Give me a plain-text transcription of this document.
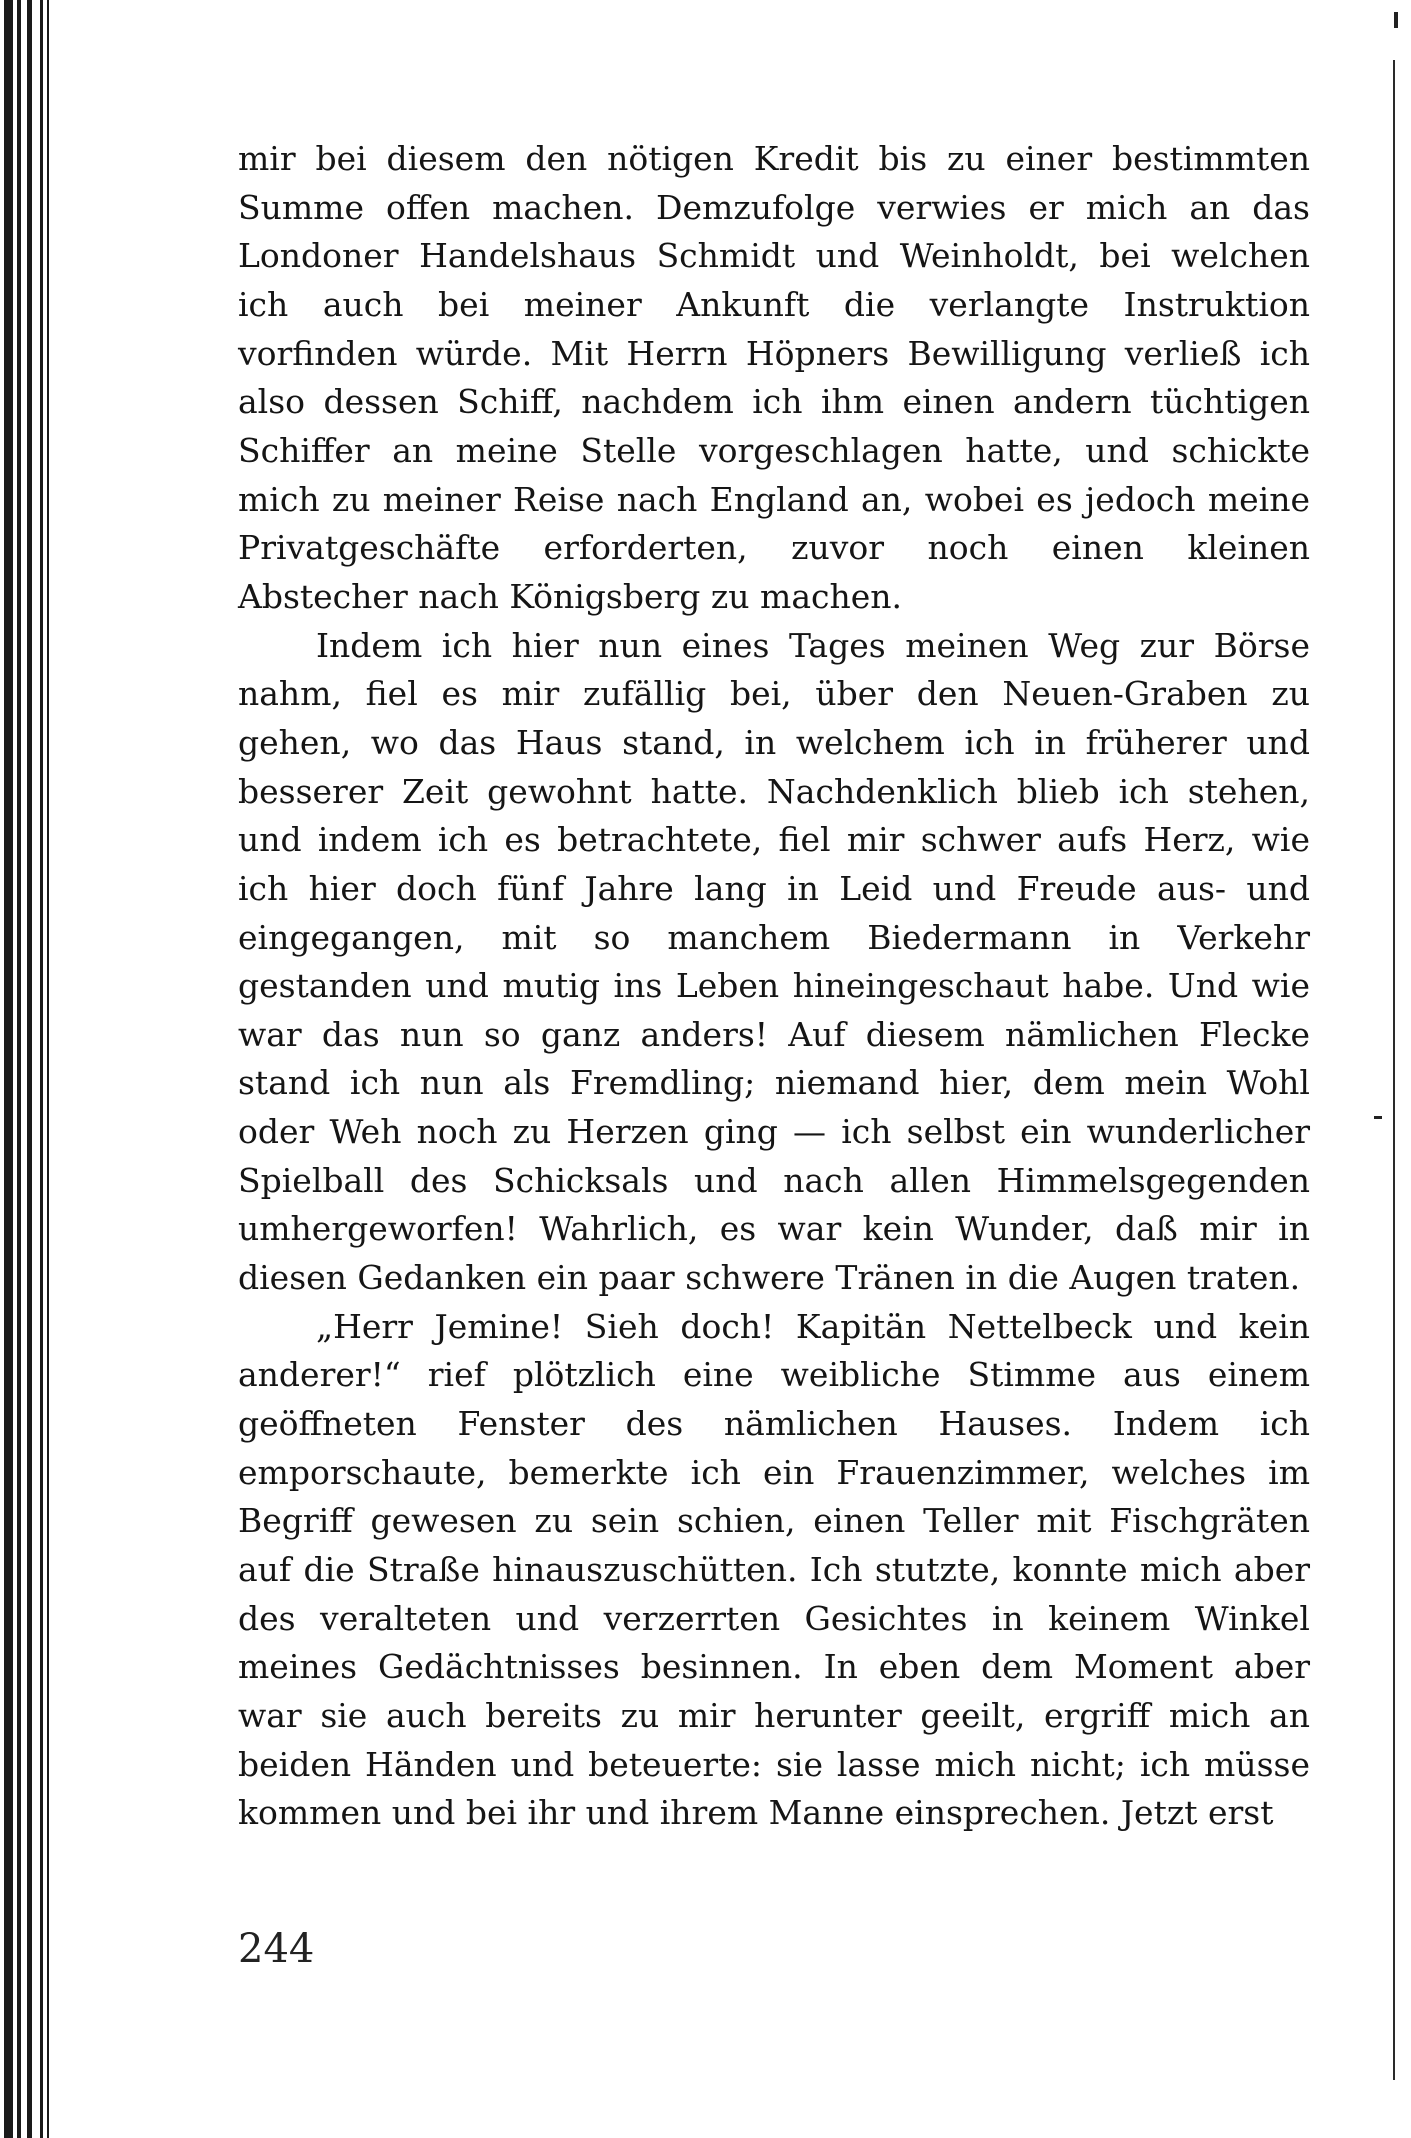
mir bei diesem den nötigen Kredit bis zu einer bestimmten Summe offen machen. Demzufolge verwies er mich an das Londoner Handelshaus Schmidt und Weinholdt, bei welchen ich auch bei meiner Ankunft die verlangte Instruktion vorfinden würde. Mit Herrn Höpners Bewilligung verließ ich also dessen Schiff, nachdem ich ihm einen andern tüchtigen Schiffer an meine Stelle vorgeschlagen hatte, und schickte mich zu meiner Reise nach England an, wobei es jedoch meine Privatgeschäfte erforderten, zuvor noch einen kleinen Abstecher nach Königsberg zu machen.

Indem ich hier nun eines Tages meinen Weg zur Börse nahm, fiel es mir zufällig bei, über den Neuen-Graben zu gehen, wo das Haus stand, in welchem ich in früherer und besserer Zeit gewohnt hatte. Nachdenklich blieb ich stehen, und indem ich es betrachtete, fiel mir schwer aufs Herz, wie ich hier doch fünf Jahre lang in Leid und Freude aus- und eingegangen, mit so manchem Biedermann in Verkehr gestanden und mutig ins Leben hineingeschaut habe. Und wie war das nun so ganz anders! Auf diesem nämlichen Flecke stand ich nun als Fremdling; niemand hier, dem mein Wohl oder Weh noch zu Herzen ging — ich selbst ein wunderlicher Spielball des Schicksals und nach allen Himmelsgegenden umhergeworfen! Wahrlich, es war kein Wunder, daß mir in diesen Gedanken ein paar schwere Tränen in die Augen traten.

„Herr Jemine! Sieh doch! Kapitän Nettelbeck und kein anderer!“ rief plötzlich eine weibliche Stimme aus einem geöffneten Fenster des nämlichen Hauses. Indem ich emporschaute, bemerkte ich ein Frauenzimmer, welches im Begriff gewesen zu sein schien, einen Teller mit Fischgräten auf die Straße hinauszuschütten. Ich stutzte, konnte mich aber des veralteten und verzerrten Gesichtes in keinem Winkel meines Gedächtnisses besinnen. In eben dem Moment aber war sie auch bereits zu mir herunter geeilt, ergriff mich an beiden Händen und beteuerte: sie lasse mich nicht; ich müsse kommen und bei ihr und ihrem Manne einsprechen. Jetzt erst

244
